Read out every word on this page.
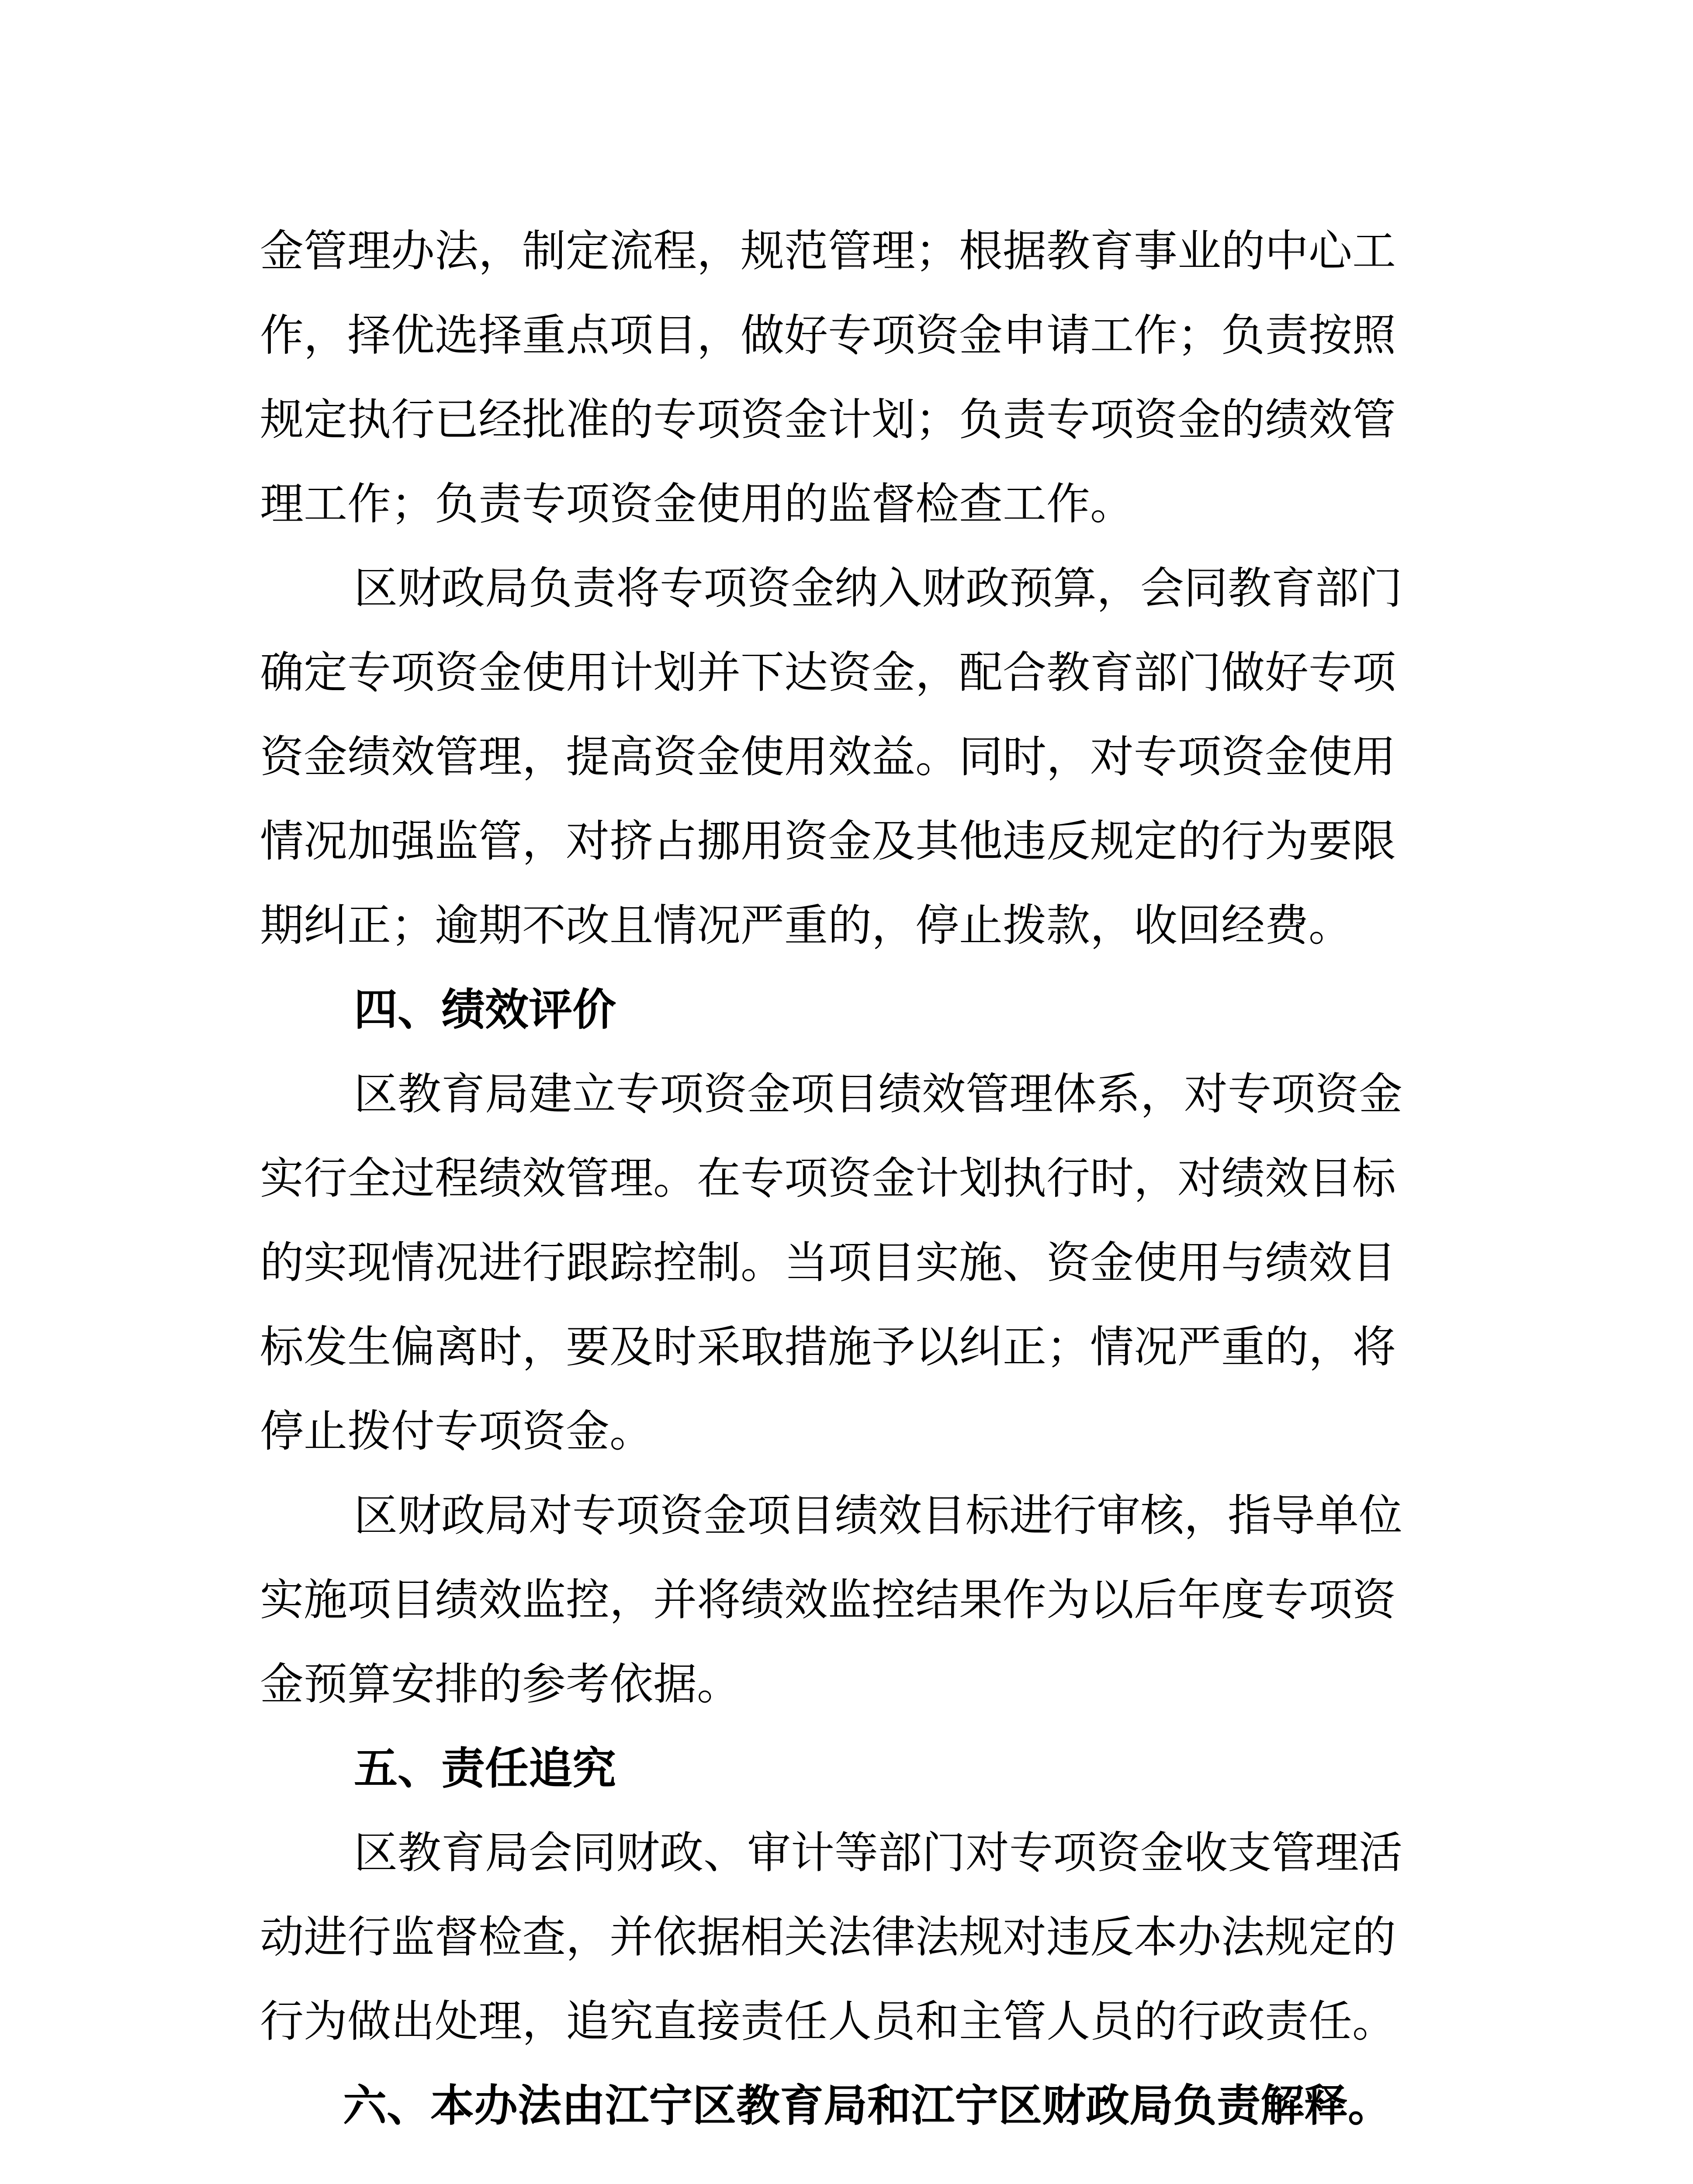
金管理办法，制定流程，规范管理；根据教育事业的中心工
作，择优选择重点项目，做好专项资金申请工作；负责按照
规定执行已经批准的专项资金计划；负责专项资金的绩效管
理工作；负责专项资金使用的监督检查工作。
区财政局负责将专项资金纳入财政预算，会同教育部门
确定专项资金使用计划并下达资金，配合教育部门做好专项
资金绩效管理，提高资金使用效益。同时，对专项资金使用
情况加强监管，对挤占挪用资金及其他违反规定的行为要限
期纠正；逾期不改且情况严重的，停止拨款，收回经费。
四、绩效评价
区教育局建立专项资金项目绩效管理体系，对专项资金
实行全过程绩效管理。在专项资金计划执行时，对绩效目标
的实现情况进行跟踪控制。当项目实施、资金使用与绩效目
标发生偏离时，要及时采取措施予以纠正；情况严重的，将
停止拨付专项资金。
区财政局对专项资金项目绩效目标进行审核，指导单位
实施项目绩效监控，并将绩效监控结果作为以后年度专项资
金预算安排的参考依据。
五、责任追究
区教育局会同财政、审计等部门对专项资金收支管理活
动进行监督检查，并依据相关法律法规对违反本办法规定的
行为做出处理，追究直接责任人员和主管人员的行政责任。
六、本办法由江宁区教育局和江宁区财政局负责解释。
